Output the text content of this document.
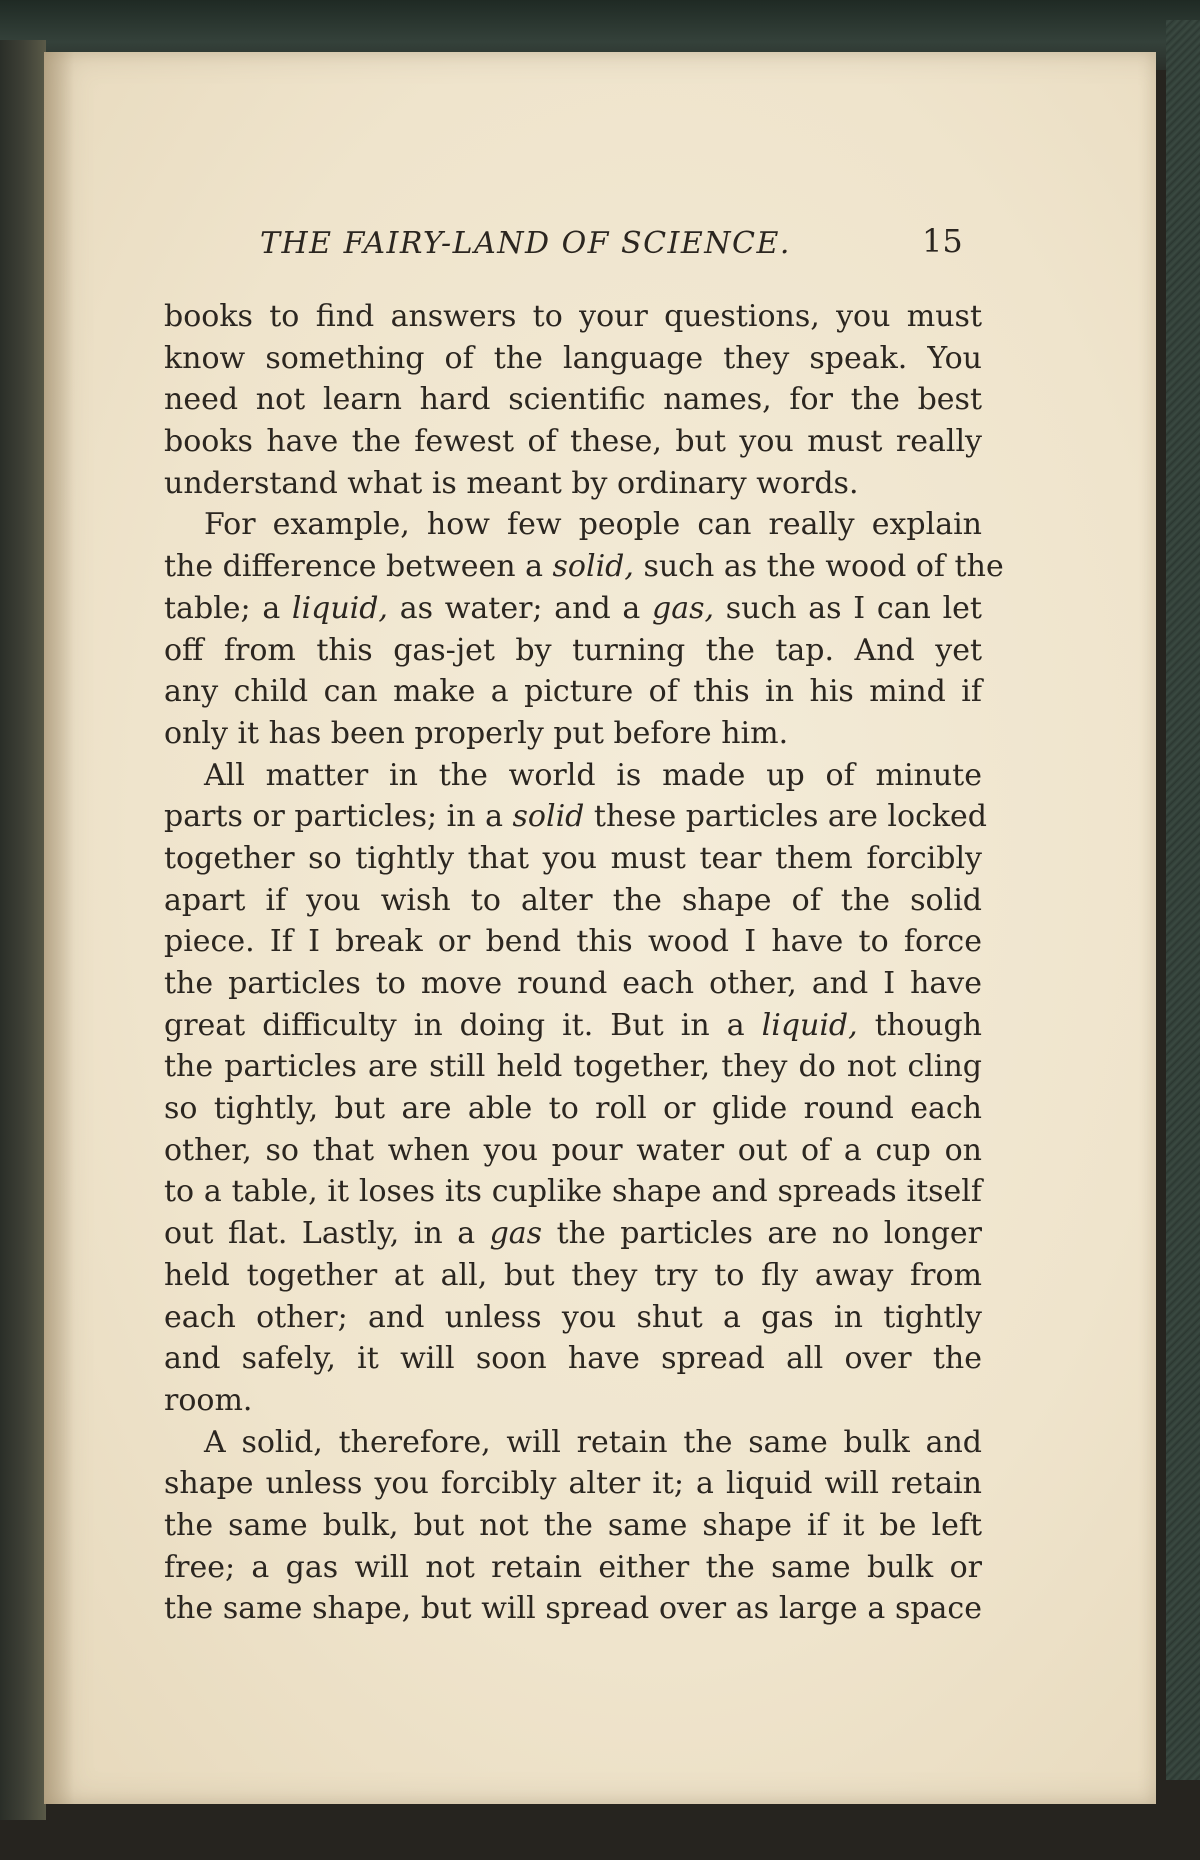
THE FAIRY-LAND OF SCIENCE.	15
books to find answers to your questions, you must
know something of the language they speak. You
need not learn hard scientific names, for the best
books have the fewest of these, but you must really
understand what is meant by ordinary words.
For example, how few people can really explain
the difference between a solid, such as the wood of the
table; a liquid, as water; and a gas, such as I can let
off from this gas-jet by turning the tap. And yet
any child can make a picture of this in his mind if
only it has been properly put before him.
All matter in the world is made up of minute
parts or particles; in a solid these particles are locked
together so tightly that you must tear them forcibly
apart if you wish to alter the shape of the solid
piece. If I break or bend this wood I have to force
the particles to move round each other, and I have
great difficulty in doing it. But in a liquid, though
the particles are still held together, they do not cling
so tightly, but are able to roll or glide round each
other, so that when you pour water out of a cup on
to a table, it loses its cuplike shape and spreads itself
out flat. Lastly, in a gas the particles are no longer
held together at all, but they try to fly away from
each other; and unless you shut a gas in tightly
and safely, it will soon have spread all over the
room.
A solid, therefore, will retain the same bulk and
shape unless you forcibly alter it; a liquid will retain
the same bulk, but not the same shape if it be left
free; a gas will not retain either the same bulk or
the same shape, but will spread over as large a space
